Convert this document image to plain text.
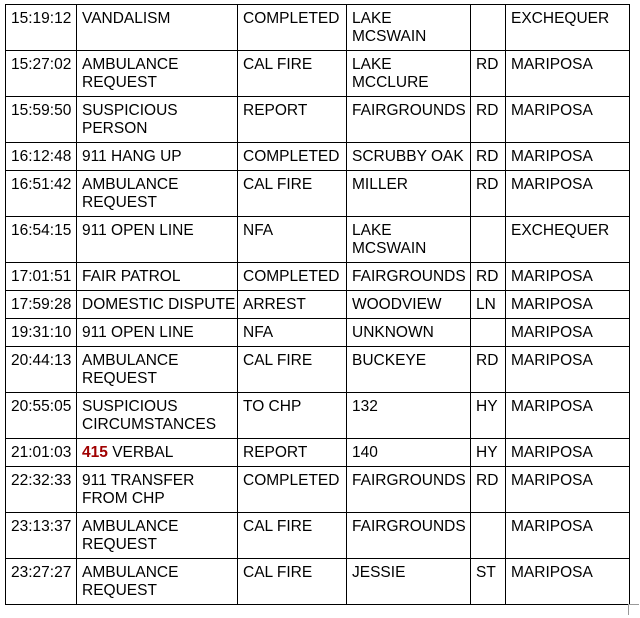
15:19:12	VANDALISM	COMPLETED	LAKE MCSWAIN		EXCHEQUER
15:27:02	AMBULANCE REQUEST	CAL FIRE	LAKE MCCLURE	RD	MARIPOSA
15:59:50	SUSPICIOUS PERSON	REPORT	FAIRGROUNDS	RD	MARIPOSA
16:12:48	911 HANG UP	COMPLETED	SCRUBBY OAK	RD	MARIPOSA
16:51:42	AMBULANCE REQUEST	CAL FIRE	MILLER	RD	MARIPOSA
16:54:15	911 OPEN LINE	NFA	LAKE MCSWAIN		EXCHEQUER
17:01:51	FAIR PATROL	COMPLETED	FAIRGROUNDS	RD	MARIPOSA
17:59:28	DOMESTIC DISPUTE	ARREST	WOODVIEW	LN	MARIPOSA
19:31:10	911 OPEN LINE	NFA	UNKNOWN		MARIPOSA
20:44:13	AMBULANCE REQUEST	CAL FIRE	BUCKEYE	RD	MARIPOSA
20:55:05	SUSPICIOUS CIRCUMSTANCES	TO CHP	132	HY	MARIPOSA
21:01:03	415 VERBAL	REPORT	140	HY	MARIPOSA
22:32:33	911 TRANSFER FROM CHP	COMPLETED	FAIRGROUNDS	RD	MARIPOSA
23:13:37	AMBULANCE REQUEST	CAL FIRE	FAIRGROUNDS		MARIPOSA
23:27:27	AMBULANCE REQUEST	CAL FIRE	JESSIE	ST	MARIPOSA
